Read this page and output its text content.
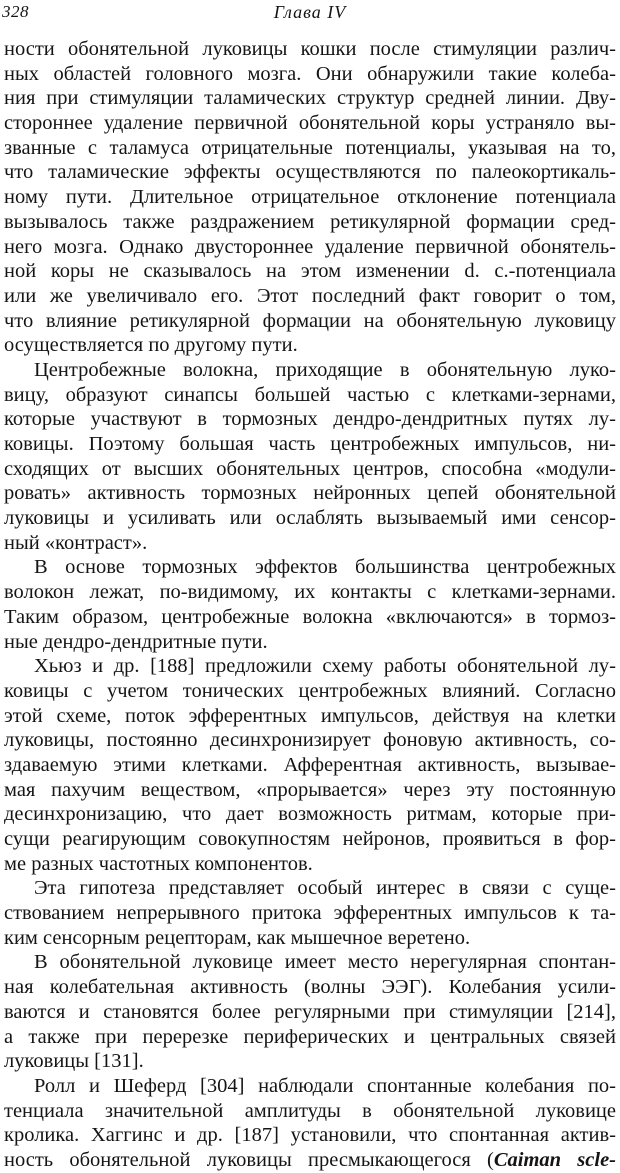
328	Глава IV
ности обонятельной луковицы кошки после стимуляции различ-
ных областей головного мозга. Они обнаружили такие колеба-
ния при стимуляции таламических структур средней линии. Дву-
стороннее удаление первичной обонятельной коры устраняло вы-
званные с таламуса отрицательные потенциалы, указывая на то,
что таламические эффекты осуществляются по палеокортикаль-
ному пути. Длительное отрицательное отклонение потенциала
вызывалось также раздражением ретикулярной формации сред-
него мозга. Однако двустороннее удаление первичной обонятель-
ной коры не сказывалось на этом изменении d. c.-потенциала
или же увеличивало его. Этот последний факт говорит о том,
что влияние ретикулярной формации на обонятельную луковицу
осуществляется по другому пути.
Центробежные волокна, приходящие в обонятельную луко-
вицу, образуют синапсы большей частью с клетками-зернами,
которые участвуют в тормозных дендро-дендритных путях лу-
ковицы. Поэтому большая часть центробежных импульсов, ни-
сходящих от высших обонятельных центров, способна «модули-
ровать» активность тормозных нейронных цепей обонятельной
луковицы и усиливать или ослаблять вызываемый ими сенсор-
ный «контраст».
В основе тормозных эффектов большинства центробежных
волокон лежат, по-видимому, их контакты с клетками-зернами.
Таким образом, центробежные волокна «включаются» в тормоз-
ные дендро-дендритные пути.
Хьюз и др. [188] предложили схему работы обонятельной лу-
ковицы с учетом тонических центробежных влияний. Согласно
этой схеме, поток эфферентных импульсов, действуя на клетки
луковицы, постоянно десинхронизирует фоновую активность, со-
здаваемую этими клетками. Афферентная активность, вызывае-
мая пахучим веществом, «прорывается» через эту постоянную
десинхронизацию, что дает возможность ритмам, которые при-
сущи реагирующим совокупностям нейронов, проявиться в фор-
ме разных частотных компонентов.
Эта гипотеза представляет особый интерес в связи с суще-
ствованием непрерывного притока эфферентных импульсов к та-
ким сенсорным рецепторам, как мышечное веретено.
В обонятельной луковице имеет место нерегулярная спонтан-
ная колебательная активность (волны ЭЭГ). Колебания усили-
ваются и становятся более регулярными при стимуляции [214],
а также при перерезке периферических и центральных связей
луковицы [131].
Ролл и Шеферд [304] наблюдали спонтанные колебания по-
тенциала значительной амплитуды в обонятельной луковице
кролика. Хаггинс и др. [187] установили, что спонтанная актив-
ность обонятельной луковицы пресмыкающегося (Caiman scle-
